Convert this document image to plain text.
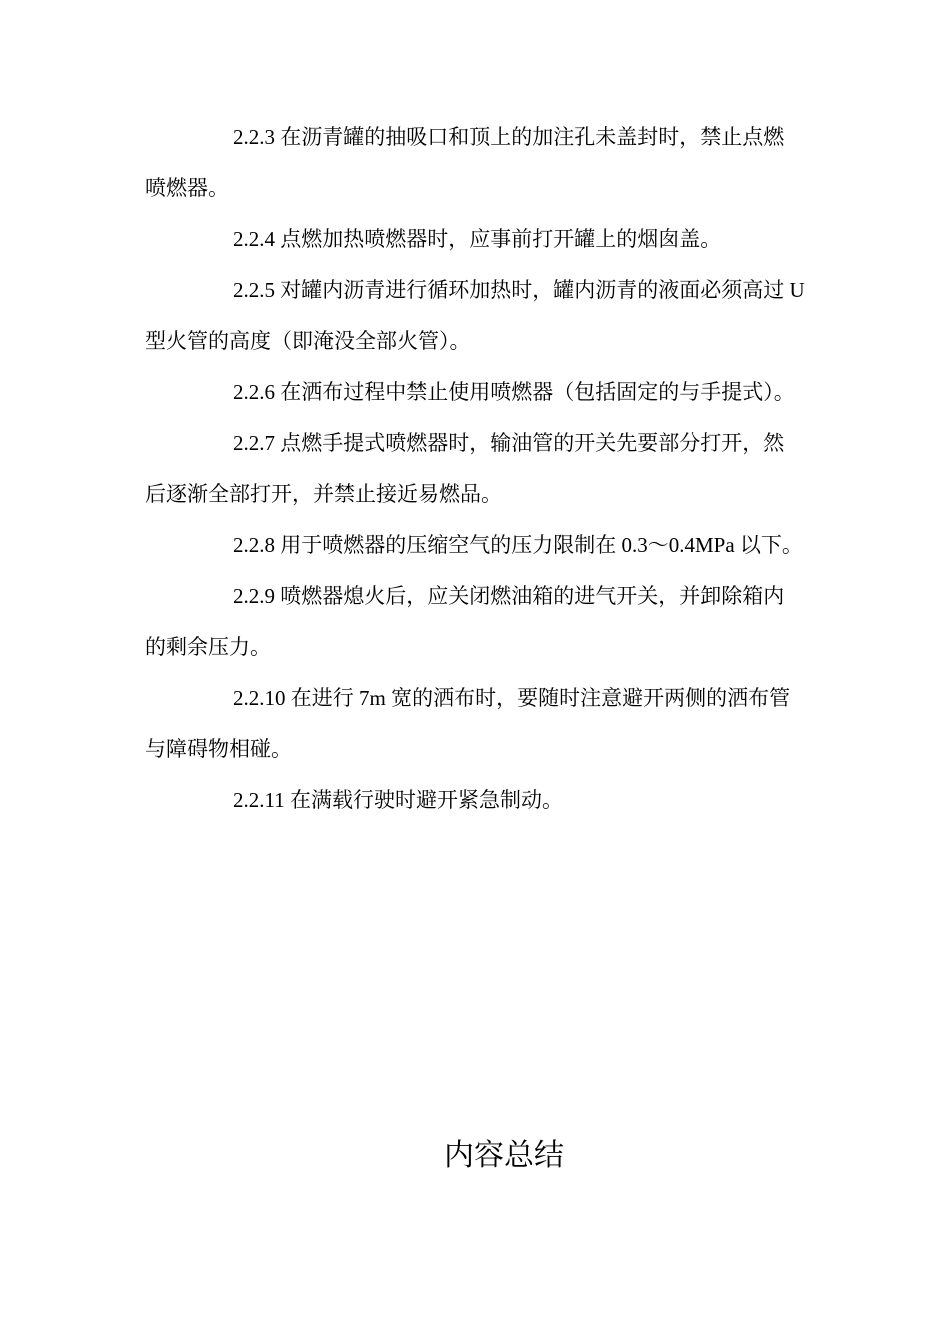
2.2.3 在沥青罐的抽吸口和顶上的加注孔未盖封时，禁止点燃喷燃器。

2.2.4 点燃加热喷燃器时，应事前打开罐上的烟囱盖。

2.2.5 对罐内沥青进行循环加热时，罐内沥青的液面必须高过 U 型火管的高度（即淹没全部火管）。

2.2.6 在洒布过程中禁止使用喷燃器（包括固定的与手提式）。

2.2.7 点燃手提式喷燃器时，输油管的开关先要部分打开，然后逐渐全部打开，并禁止接近易燃品。

2.2.8 用于喷燃器的压缩空气的压力限制在 0.3～0.4MPa 以下。

2.2.9 喷燃器熄火后，应关闭燃油箱的进气开关，并卸除箱内的剩余压力。

2.2.10 在进行 7m 宽的洒布时，要随时注意避开两侧的洒布管与障碍物相碰。

2.2.11 在满载行驶时避开紧急制动。

内容总结
